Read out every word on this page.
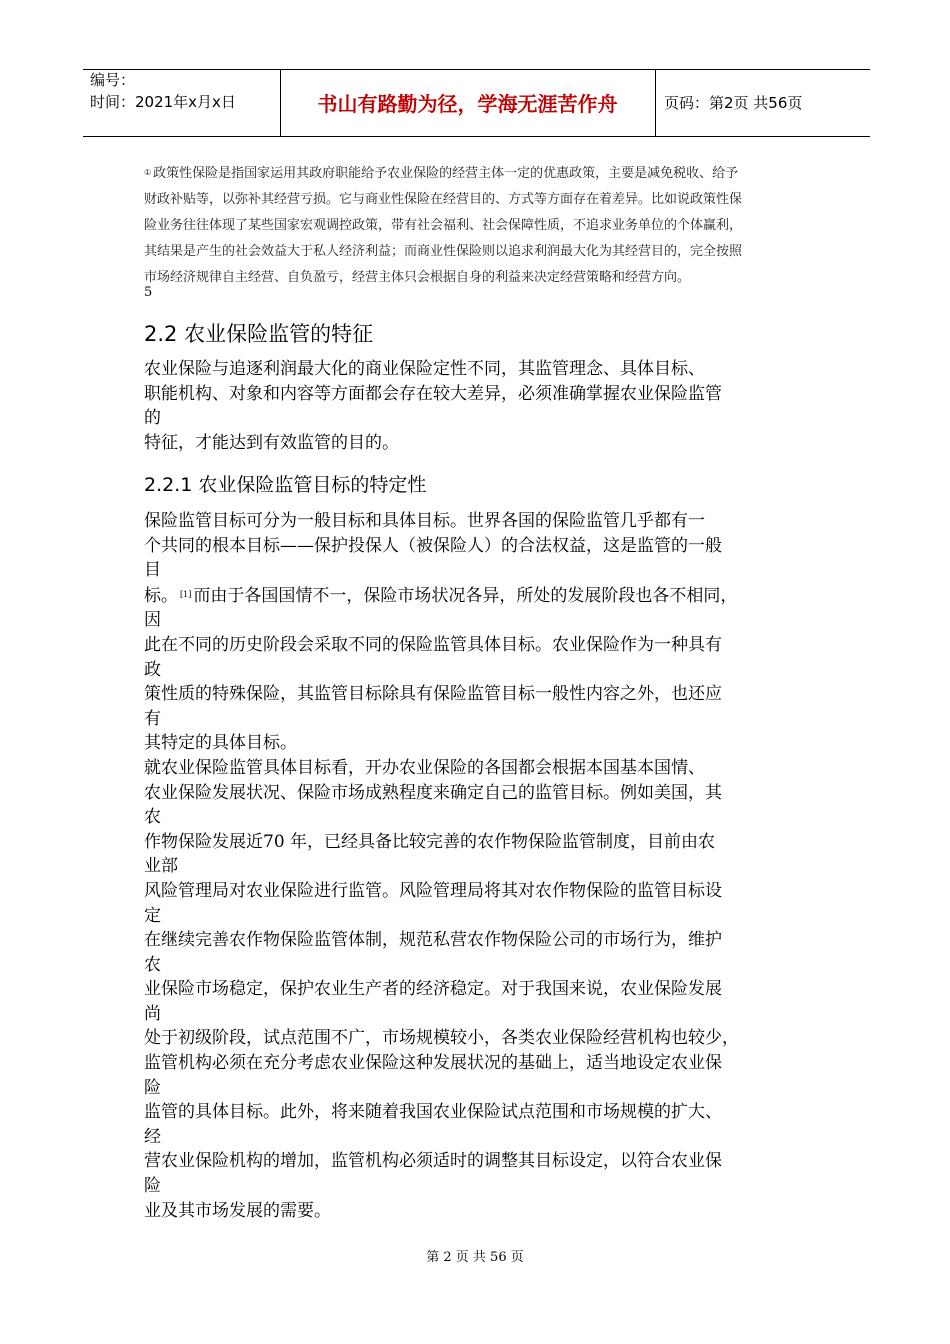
编号：
时间：2021年x月x日	书山有路勤为径，学海无涯苦作舟	页码：第2页 共56页
① 政策性保险是指国家运用其政府职能给予农业保险的经营主体一定的优惠政策，主要是减免税收、给予
财政补贴等，以弥补其经营亏损。它与商业性保险在经营目的、方式等方面存在着差异。比如说政策性保
险业务往往体现了某些国家宏观调控政策，带有社会福利、社会保障性质，不追求业务单位的个体赢利，
其结果是产生的社会效益大于私人经济利益；而商业性保险则以追求利润最大化为其经营目的，完全按照
市场经济规律自主经营、自负盈亏，经营主体只会根据自身的利益来决定经营策略和经营方向。
5
2.2 农业保险监管的特征
农业保险与追逐利润最大化的商业保险定性不同，其监管理念、具体目标、
职能机构、对象和内容等方面都会存在较大差异，必须准确掌握农业保险监管
的
特征，才能达到有效监管的目的。
2.2.1 农业保险监管目标的特定性
保险监管目标可分为一般目标和具体目标。世界各国的保险监管几乎都有一
个共同的根本目标——保护投保人（被保险人）的合法权益，这是监管的一般
目
标。 [1] 而由于各国国情不一，保险市场状况各异，所处的发展阶段也各不相同，
因
此在不同的历史阶段会采取不同的保险监管具体目标。农业保险作为一种具有
政
策性质的特殊保险，其监管目标除具有保险监管目标一般性内容之外，也还应
有
其特定的具体目标。
就农业保险监管具体目标看，开办农业保险的各国都会根据本国基本国情、
农业保险发展状况、保险市场成熟程度来确定自己的监管目标。例如美国，其
农
作物保险发展近70 年，已经具备比较完善的农作物保险监管制度，目前由农
业部
风险管理局对农业保险进行监管。风险管理局将其对农作物保险的监管目标设
定
在继续完善农作物保险监管体制，规范私营农作物保险公司的市场行为，维护
农
业保险市场稳定，保护农业生产者的经济稳定。对于我国来说，农业保险发展
尚
处于初级阶段，试点范围不广，市场规模较小，各类农业保险经营机构也较少，
监管机构必须在充分考虑农业保险这种发展状况的基础上，适当地设定农业保
险
监管的具体目标。此外，将来随着我国农业保险试点范围和市场规模的扩大、
经
营农业保险机构的增加，监管机构必须适时的调整其目标设定，以符合农业保
险
业及其市场发展的需要。
第 2 页 共 56 页
